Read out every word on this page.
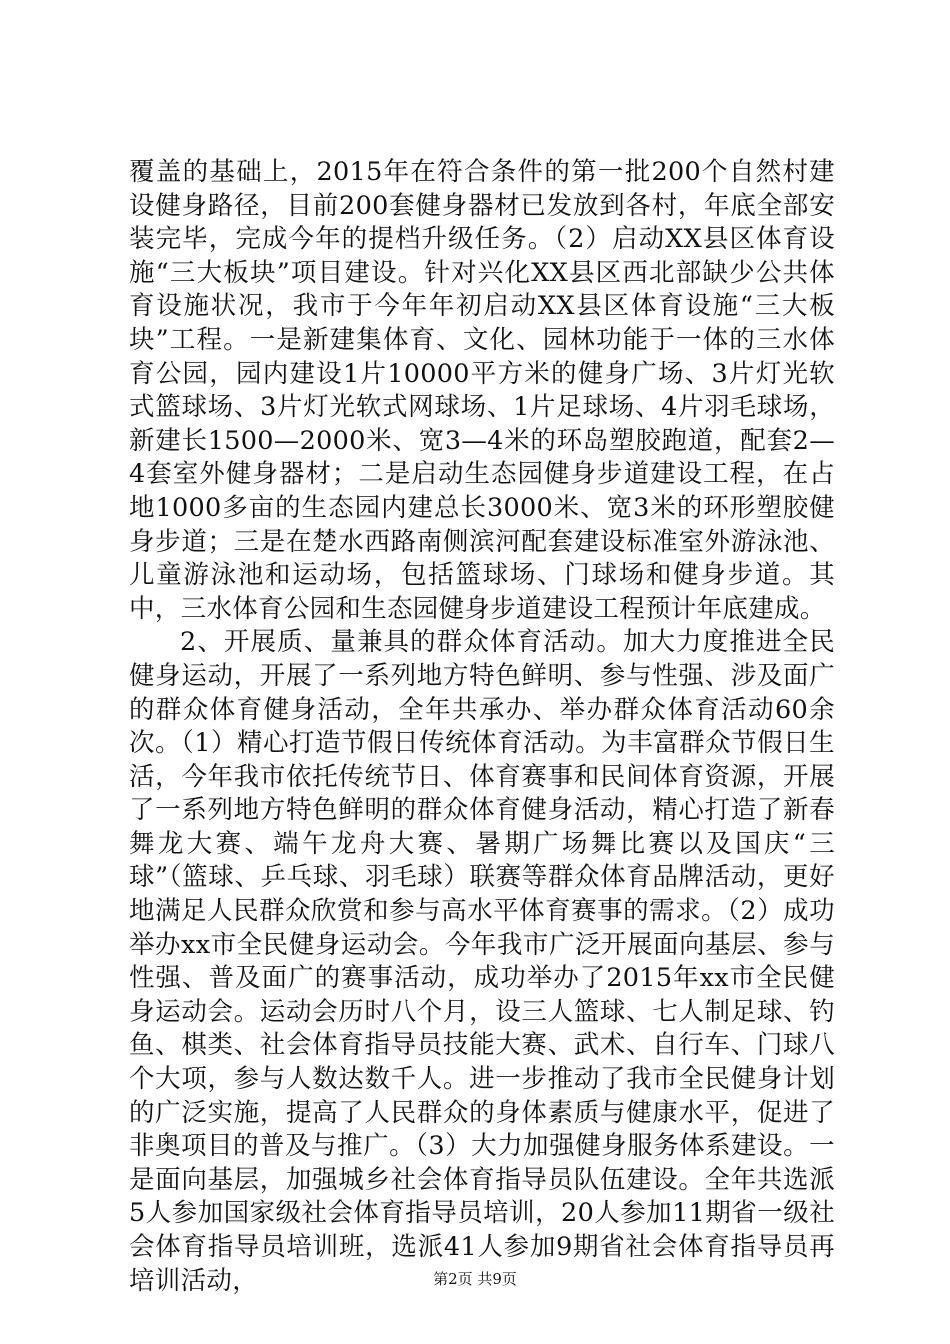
覆盖的基础上，2015年在符合条件的第一批200个自然村建设健身路径，目前200套健身器材已发放到各村，年底全部安装完毕，完成今年的提档升级任务。（2）启动XX县区体育设施“三大板块”项目建设。针对兴化XX县区西北部缺少公共体育设施状况，我市于今年年初启动XX县区体育设施“三大板块”工程。一是新建集体育、文化、园林功能于一体的三水体育公园，园内建设1片10000平方米的健身广场、3片灯光软式篮球场、3片灯光软式网球场、1片足球场、4片羽毛球场，新建长1500—2000米、宽3—4米的环岛塑胶跑道，配套2—4套室外健身器材；二是启动生态园健身步道建设工程，在占地1000多亩的生态园内建总长3000米、宽3米的环形塑胶健身步道；三是在楚水西路南侧滨河配套建设标准室外游泳池、儿童游泳池和运动场，包括篮球场、门球场和健身步道。其中，三水体育公园和生态园健身步道建设工程预计年底建成。

2、开展质、量兼具的群众体育活动。加大力度推进全民健身运动，开展了一系列地方特色鲜明、参与性强、涉及面广的群众体育健身活动，全年共承办、举办群众体育活动60余次。（1）精心打造节假日传统体育活动。为丰富群众节假日生活，今年我市依托传统节日、体育赛事和民间体育资源，开展了一系列地方特色鲜明的群众体育健身活动，精心打造了新春舞龙大赛、端午龙舟大赛、暑期广场舞比赛以及国庆“三球”（篮球、乒乓球、羽毛球）联赛等群众体育品牌活动，更好地满足人民群众欣赏和参与高水平体育赛事的需求。（2）成功举办xx市全民健身运动会。今年我市广泛开展面向基层、参与性强、普及面广的赛事活动，成功举办了2015年xx市全民健身运动会。运动会历时八个月，设三人篮球、七人制足球、钓鱼、棋类、社会体育指导员技能大赛、武术、自行车、门球八个大项，参与人数达数千人。进一步推动了我市全民健身计划的广泛实施，提高了人民群众的身体素质与健康水平，促进了非奥项目的普及与推广。（3）大力加强健身服务体系建设。一是面向基层，加强城乡社会体育指导员队伍建设。全年共选派5人参加国家级社会体育指导员培训，20人参加11期省一级社会体育指导员培训班，选派41人参加9期省社会体育指导员再培训活动，	第2页 共9页
